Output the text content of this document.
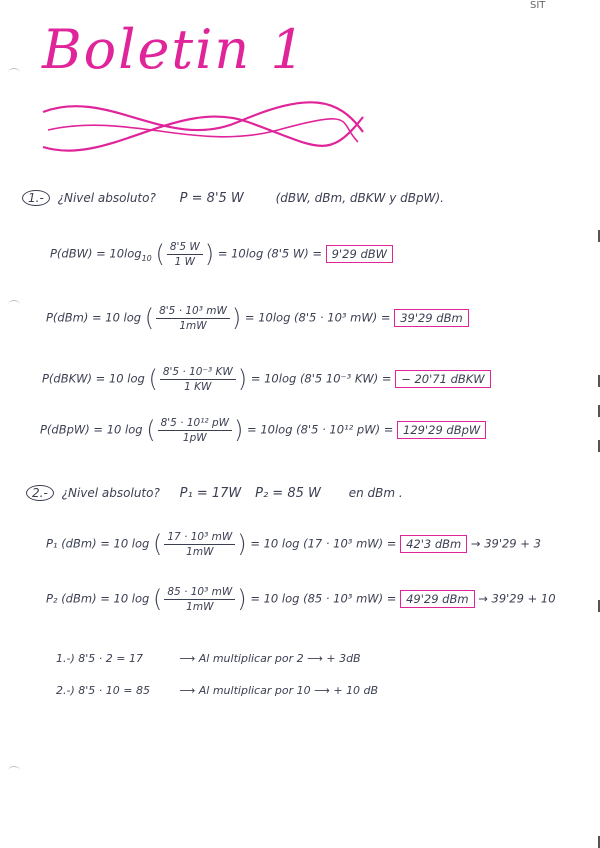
SIT
Boletin 1
1.- ¿Nivel absoluto? P = 8'5 W	(dBW, dBm, dBKW y dBpW).
$P(dBW) = 10\log_{10}$ ( $\frac{8'5 W}{1 W}$ ) = 10log (8'5 W) = 9'29 dBW
P(dBm) = 10 log ( $\frac{\text{8'5 · 10³ mW}}{1mW}$ ) = 10log (8'5 · 10³ mW) = 39'29 dBm
P(dBKW) = 10 log ( $\frac{\text{8'5 · 10⁻³ KW}}{1 KW}$ ) = 10log (8'5 10⁻³ KW) = − 20'71 dBKW
P(dBpW) = 10 log ( $\frac{\text{8'5 · 10¹² pW}}{1pW}$ ) = 10log (8'5 · 10¹² pW) = 129'29 dBpW
2.- ¿Nivel absoluto? P₁ = 17W P₂ = 85 W en dBm .
P₁ (dBm) = 10 log ( $\frac{\text{17 · 10³ mW}}{1mW}$ ) = 10 log (17 · 10³ mW) = 42'3 dBm → 39'29 + 3
P₂ (dBm) = 10 log ( $\frac{\text{85 · 10³ mW}}{1mW}$ ) = 10 log (85 · 10³ mW) = 49'29 dBm → 39'29 + 10
1.-) 8'5 · 2 = 17	⟶ Al multiplicar por 2 ⟶ + 3dB
2.-) 8'5 · 10 = 85	⟶ Al multiplicar por 10 ⟶ + 10 dB
